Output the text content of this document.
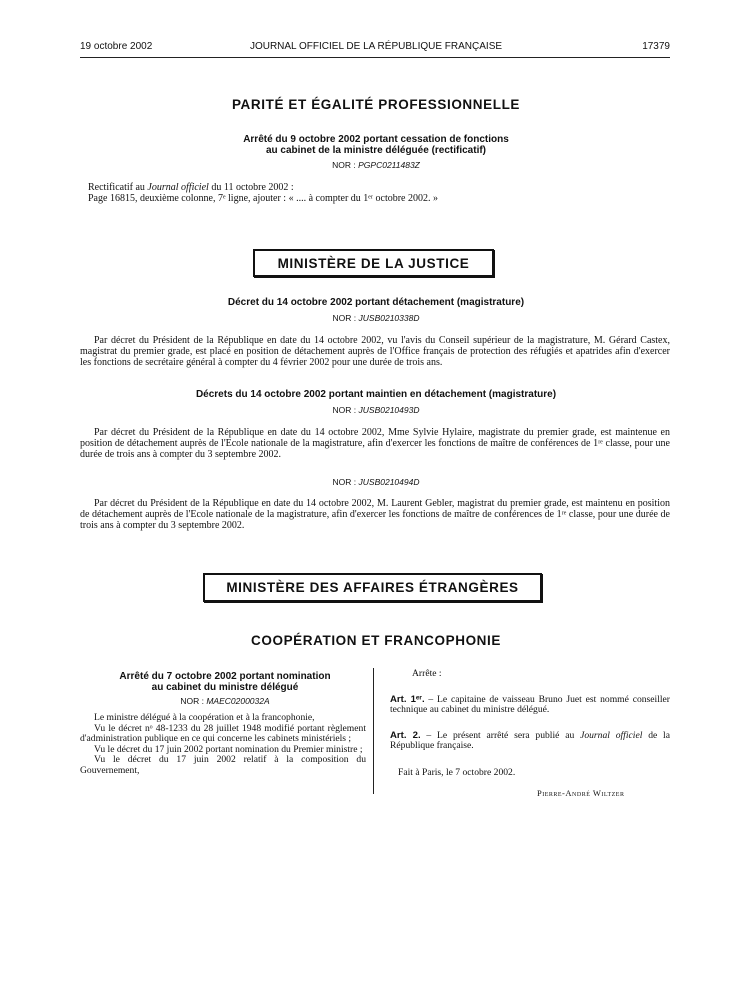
19 octobre 2002	JOURNAL OFFICIEL DE LA RÉPUBLIQUE FRANÇAISE	17379
PARITÉ ET ÉGALITÉ PROFESSIONNELLE
Arrêté du 9 octobre 2002 portant cessation de fonctions
au cabinet de la ministre déléguée (rectificatif)
NOR : PGPC0211483Z
Rectificatif au Journal officiel du 11 octobre 2002 :
Page 16815, deuxième colonne, 7ᵉ ligne, ajouter : « .... à compter du 1ᵉʳ octobre 2002. »
MINISTÈRE DE LA JUSTICE
Décret du 14 octobre 2002 portant détachement (magistrature)
NOR : JUSB0210338D

Par décret du Président de la République en date du 14 octobre 2002, vu l'avis du Conseil supérieur de la magistrature, M. Gérard Castex, magistrat du premier grade, est placé en position de détachement auprès de l'Office français de protection des réfugiés et apatrides afin d'exercer les fonctions de secrétaire général à compter du 4 février 2002 pour une durée de trois ans.

Décrets du 14 octobre 2002 portant maintien en détachement (magistrature)
NOR : JUSB0210493D

Par décret du Président de la République en date du 14 octobre 2002, Mme Sylvie Hylaire, magistrate du premier grade, est maintenue en position de détachement auprès de l'Ecole nationale de la magistrature, afin d'exercer les fonctions de maître de conférences de 1ʳᵉ classe, pour une durée de trois ans à compter du 3 septembre 2002.

NOR : JUSB0210494D

Par décret du Président de la République en date du 14 octobre 2002, M. Laurent Gebler, magistrat du premier grade, est maintenu en position de détachement auprès de l'Ecole nationale de la magistrature, afin d'exercer les fonctions de maître de conférences de 1ʳᵉ classe, pour une durée de trois ans à compter du 3 septembre 2002.

MINISTÈRE DES AFFAIRES ÉTRANGÈRES
COOPÉRATION ET FRANCOPHONIE
Arrêté du 7 octobre 2002 portant nomination
au cabinet du ministre délégué
NOR : MAEC0200032A

Le ministre délégué à la coopération et à la francophonie,

Vu le décret nᵒ 48-1233 du 28 juillet 1948 modifié portant règlement d'administration publique en ce qui concerne les cabinets ministériels ;

Vu le décret du 17 juin 2002 portant nomination du Premier ministre ;

Vu le décret du 17 juin 2002 relatif à la composition du Gouvernement,

Arrête :

Art. 1ᵉʳ. – Le capitaine de vaisseau Bruno Juet est nommé conseiller technique au cabinet du ministre délégué.

Art. 2. – Le présent arrêté sera publié au Journal officiel de la République française.

Fait à Paris, le 7 octobre 2002.

Pierre-André Wiltzer
